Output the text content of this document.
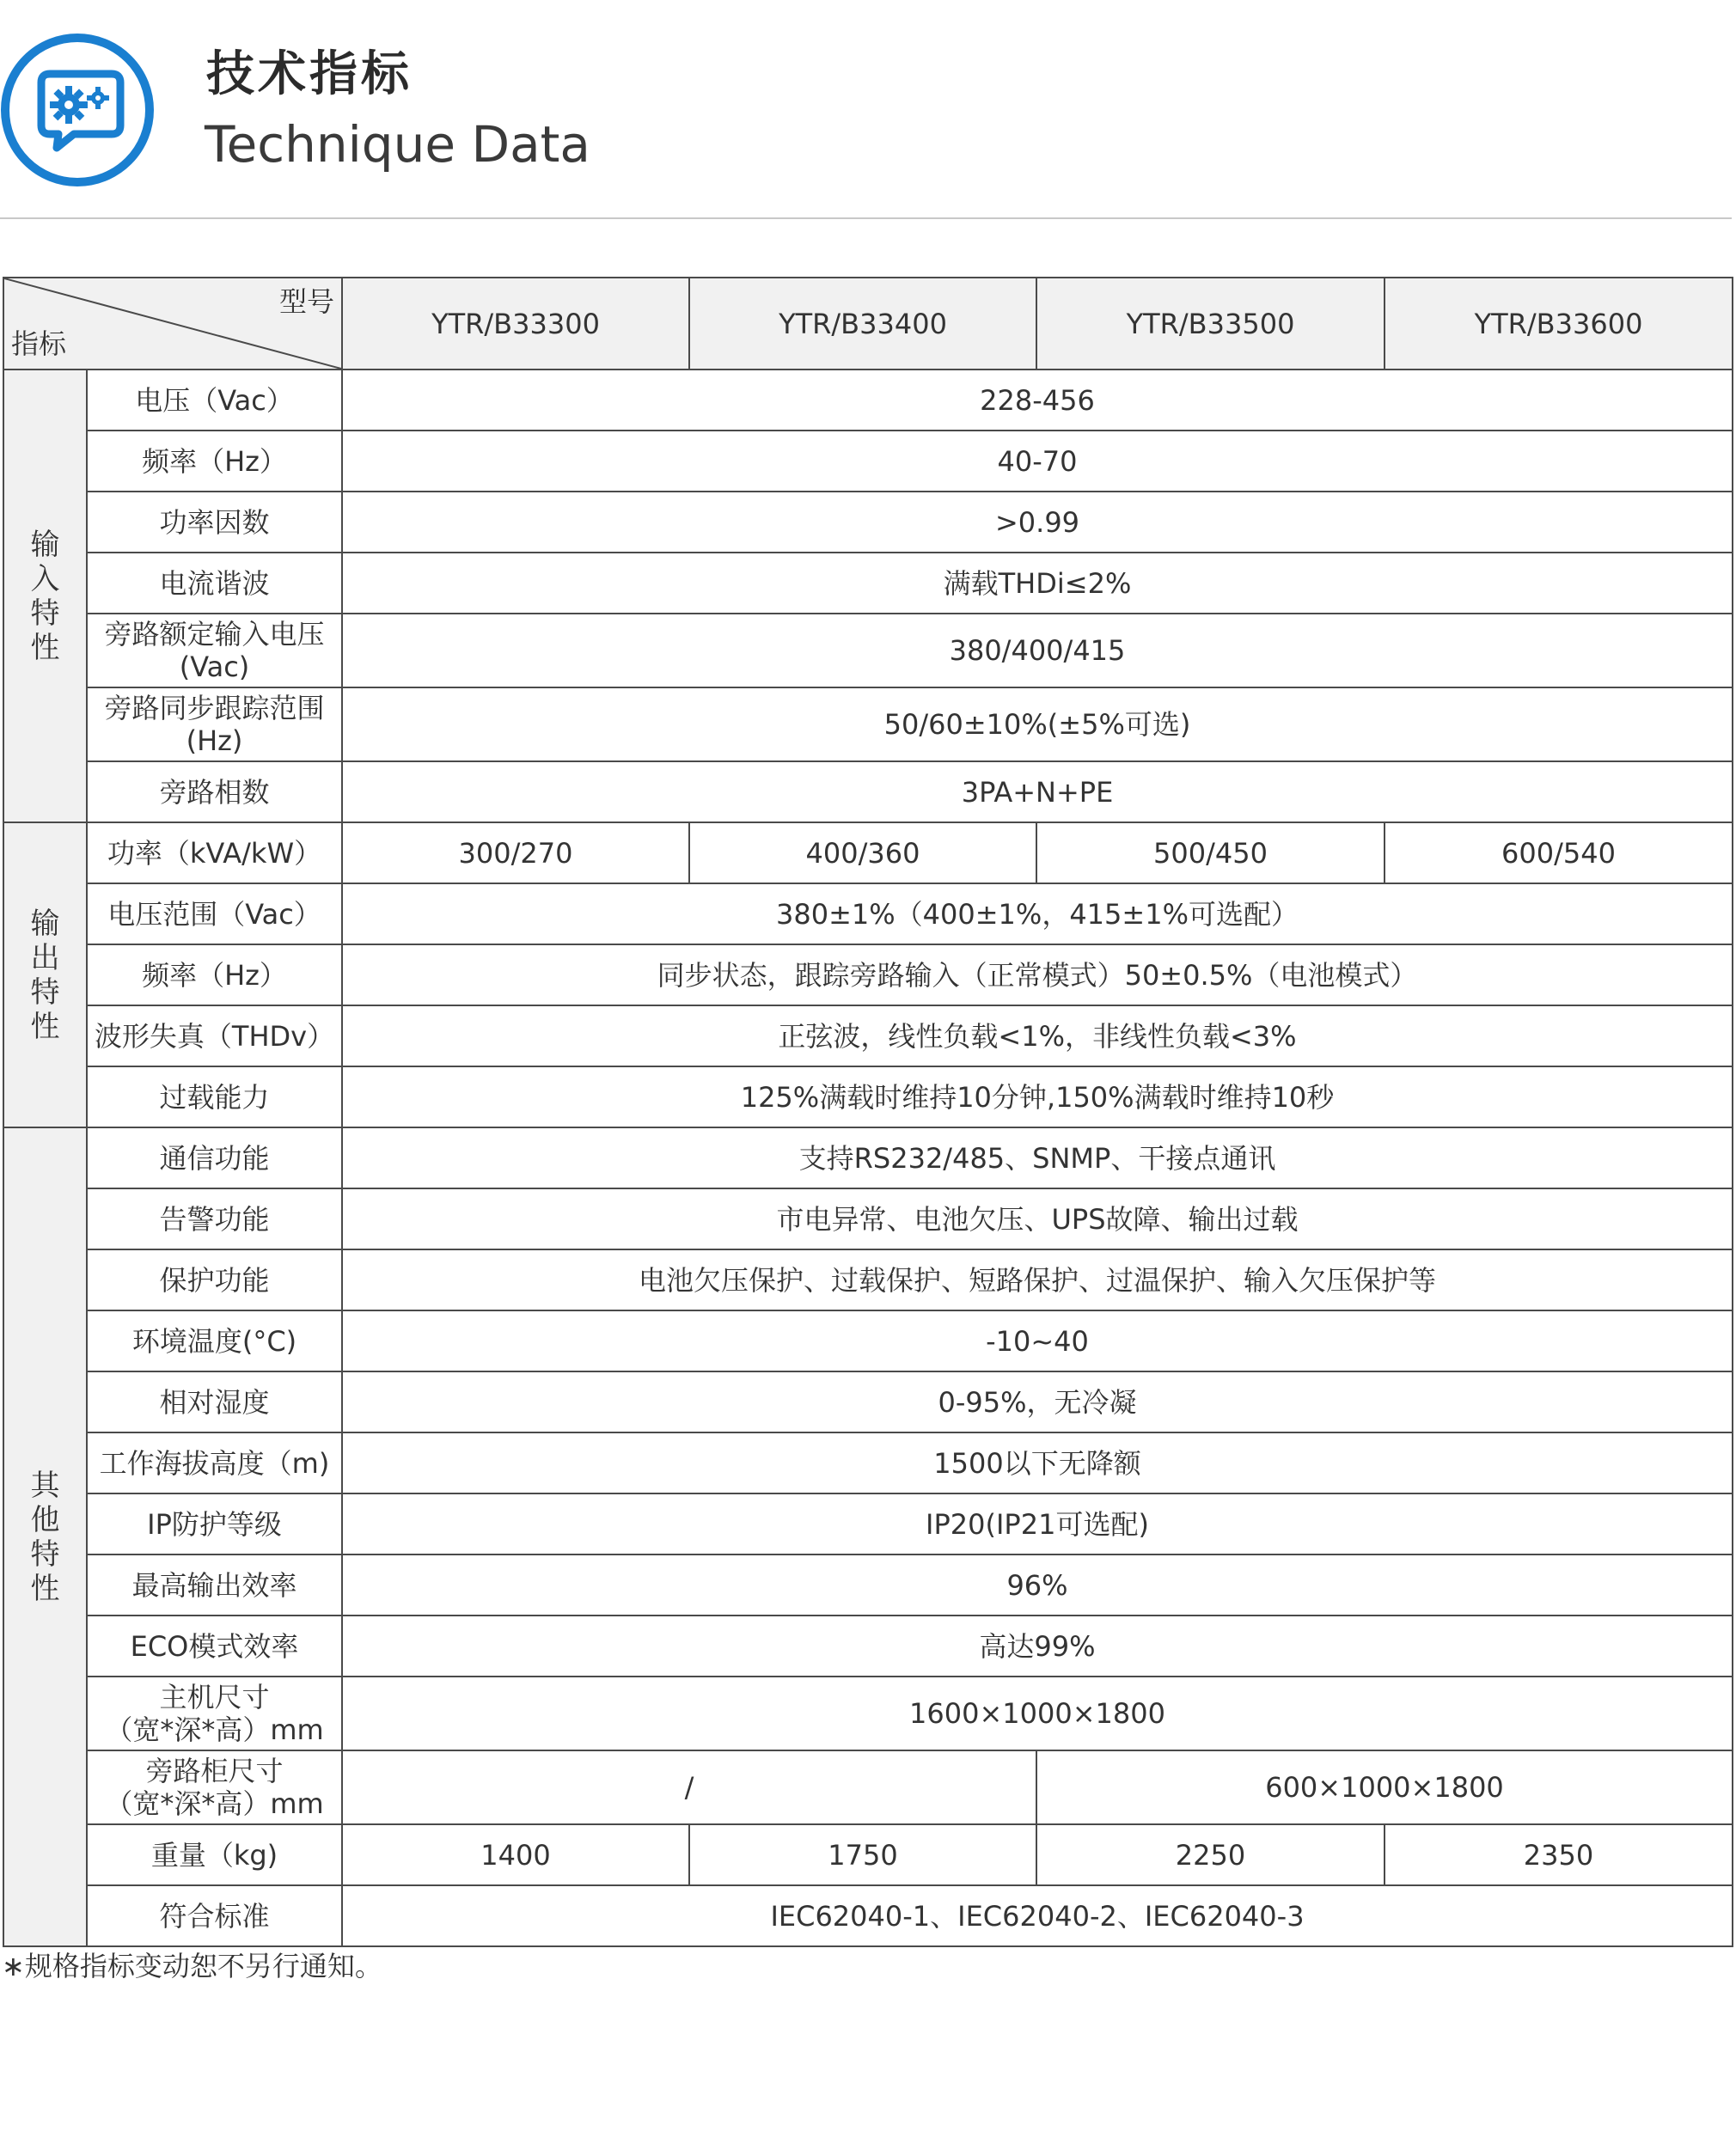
技术指标
Technique Data
型号
指标		YTR/B33300	YTR/B33400	YTR/B33500	YTR/B33600
输
入
特
性	电压（Vac）	228-456			
	频率（Hz）	40-70			
	功率因数	>0.99			
	电流谐波	满载THDi≤2%			
	旁路额定输入电压
(Vac)	380/400/415			
	旁路同步跟踪范围
(Hz)	50/60±10%(±5%可选)			
	旁路相数	3PA+N+PE			
输
出
特
性	功率（kVA/kW）	300/270	400/360	500/450	600/540
	电压范围（Vac）	380±1%（400±1%，415±1%可选配）			
	频率（Hz）	同步状态，跟踪旁路输入（正常模式）50±0.5%（电池模式）			
	波形失真（THDv）	正弦波，线性负载<1%，非线性负载<3%			
	过载能力	125%满载时维持10分钟,150%满载时维持10秒			
其
他
特
性	通信功能	支持RS232/485、SNMP、干接点通讯			
	告警功能	市电异常、电池欠压、UPS故障、输出过载			
	保护功能	电池欠压保护、过载保护、短路保护、过温保护、输入欠压保护等			
	环境温度(°C)	-10~40			
	相对湿度	0-95%，无冷凝			
	工作海拔高度（m)	1500以下无降额			
	IP防护等级	IP20(IP21可选配)			
	最高输出效率	96%			
	ECO模式效率	高达99%			
	主机尺寸
（宽*深*高）mm	1600×1000×1800			
	旁路柜尺寸
（宽*深*高）mm	/		600×1000×1800	
	重量（kg)	1400	1750	2250	2350
	符合标准	IEC62040-1、IEC62040-2、IEC62040-3			
∗规格指标变动恕不另行通知。
